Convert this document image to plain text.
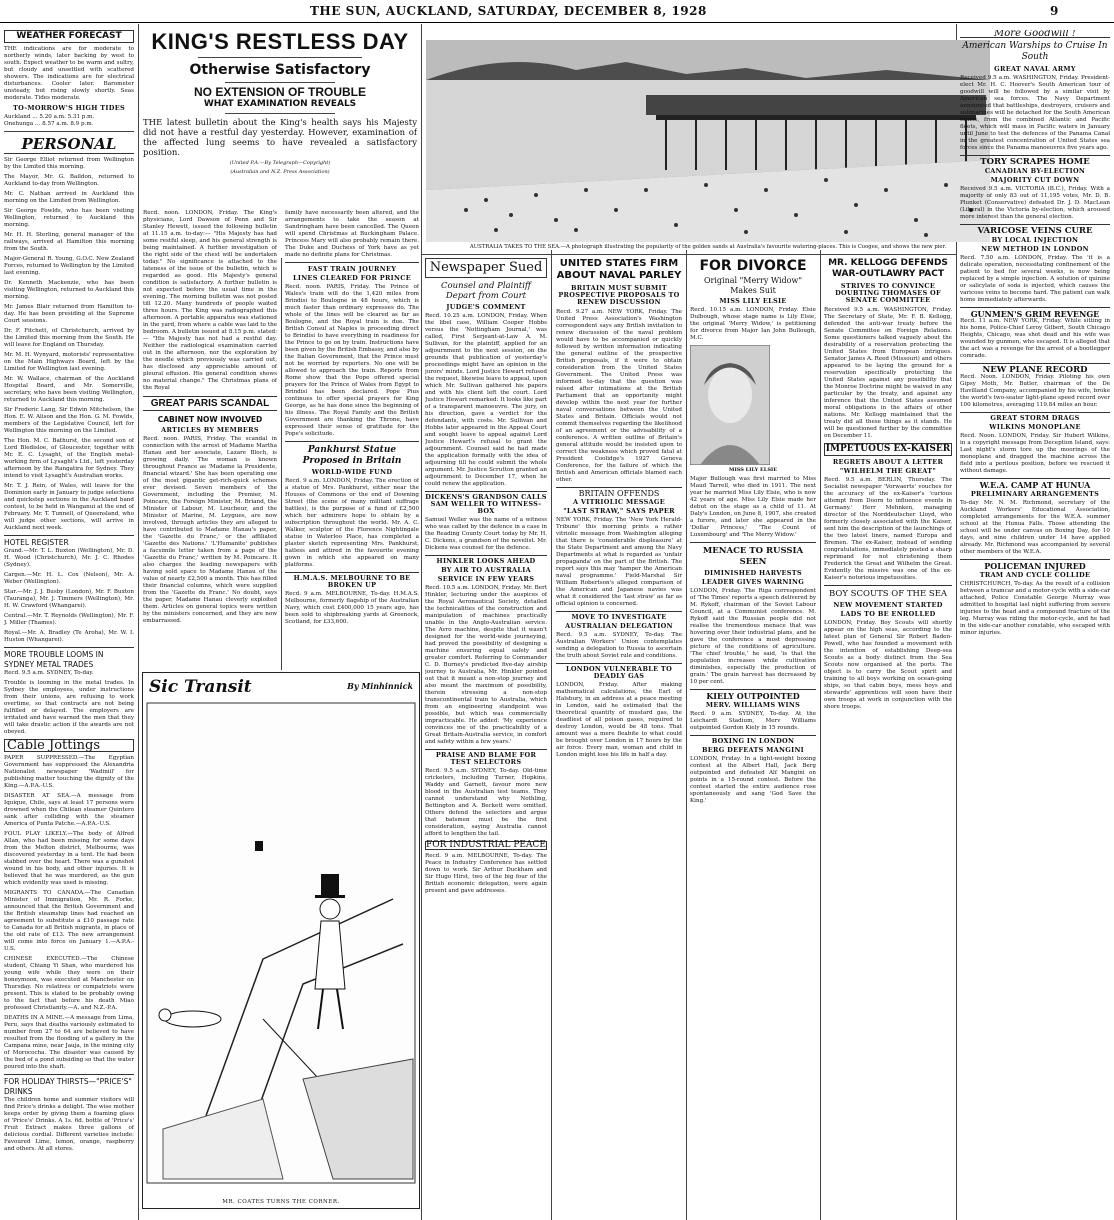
THE SUN, AUCKLAND, SATURDAY, DECEMBER 8, 1928	9
WEATHER FORECAST

THE indications are for moderate to northerly winds, later backing by west to south. Expect weather to be warm and sultry, but cloudy and unsettled with scattered showers. The indications are for electrical disturbances. Cooler later. Barometer unsteady, but rising slowly shortly. Seas moderate. Tides moderate.

TO-MORROW'S HIGH TIDES
Auckland ... 5.20 a.m. 5.31 p.m.
Onehunga ... 8.57 a.m. 8.9 p.m.
PERSONAL

Sir George Elliot returned from Wellington by the Limited this morning.

The Mayor, Mr. G. Baildon, returned to Auckland to-day from Wellington.

Mr. C. Nathan arrived in Auckland this morning on the Limited from Wellington.

Sir George Fowlds, who has been visiting Wellington, returned to Auckland this morning.

Mr. H. H. Sterling, general manager of the railways, arrived at Hamilton this morning from the South.

Major-General R. Young, G.O.C. New Zealand Forces, returned to Wellington by the Limited last evening.

Dr. Kenneth Mackenzie, who has been visiting Wellington, returned to Auckland this morning.

Mr. James Blair returned from Hamilton to-day. He has been presiding at the Supreme Court sessions.

Dr. F. Fitchett, of Christchurch, arrived by the Limited this morning from the South. He will leave for England on Thursday.

Mr. M. H. Wynyard, motorists' representative on the Main Highways Board, left by the Limited for Wellington last evening.

Mr. W. Wallace, chairman of the Auckland Hospital Board, and Mr. Somerville, secretary, who have been visiting Wellington, returned to Auckland this morning.

Sir Frederic Lang, Sir Edwin Mitchelson, the Hon. E. W. Alison and the Hon. G. M. Fowlds, members of the Legislative Council, left for Wellington this morning on the Limited.

The Hon. M. C. Bathurst, the second son of Lord Bledisloe, of Gloucester, together with Mr. E. C. Lysaght, of the English metal-working firm of Lysaght's Ltd., left yesterday afternoon by the Rangatira for Sydney. They intend to visit Lysaght's Australian works.

Mr. T. J. Rein, of Wales, will leave for the Dominion early in January to judge selections and quickstep sections in the Auckland band contest, to be held in Wanganui at the end of February. Mr. T. Tunnell, of Queensland, who will judge other sections, will arrive in Auckland next week.

HOTEL REGISTER

Grand.—Mr. T. L. Buxton (Wellington), Mr. D. H. Wood (Christchurch), Mr. J. C. Rhodes (Sydney).

Cargen.—Mr. H. L. Cox (Nelson), Mr. A. Weber (Wellington).

Star.—Mr. J. J. Busby (London), Mr. F. Buxton (Tauranga), Mr. J. Timmers (Wellington), Mr. H. W. Crawford (Whangarei).

Central.—Mr. T. Reynolds (Wellington), Mr. F. J. Miller (Thames).

Royal.—Mr. A. Bradley (Te Aroha), Mr. W. I. Huston (Whangarei).

MORE TROUBLE LOOMS IN SYDNEY METAL TRADES

Recd. 9.5 a.m. SYDNEY, To-day.

Trouble is looming in the metal trades. In Sydney the employees, under instructions from their unions, are refusing to work overtime, so that contracts are not being fulfilled or delayed. The employers are irritated and have warned the men that they will take drastic action if the awards are not obeyed.

Cable Jottings

PAPER SUPPRESSED.—The Egyptian Government has suppressed the Alexandria Nationalist newspaper 'Wadiniil' for publishing matter touching the dignity of the King.—A.P.A.-U.S.

DISASTER AT SEA.—A message from Iquique, Chile, says at least 17 persons were drowned when the Chilean steamer Quintero sank after colliding with the steamer America of Punta Patche.—A.P.A.-U.S.

FOUL PLAY LIKELY.—The body of Alfred Allan, who had been missing for some days from the Melton district, Melbourne, was discovered yesterday in a tent. He had been stabbed over the heart. There was a gunshot wound in his body, and other injuries. It is believed that he was murdered, as the gun which evidently was used is missing.

MIGRANTS TO CANADA.—The Canadian Minister of Immigration, Mr. R. Forke, announced that the British Government and the British steamship lines had reached an agreement to substitute a £10 passage rate to Canada for all British migrants, in place of the old rate of £13. The new arrangement will come into force on January 1.—A.P.A.-U.S.

CHINESE EXECUTED.—The Chinese student, Chiang Yi Shan, who murdered his young wife while they were on their honeymoon, was executed at Manchester on Thursday. No relatives or compatriots were present. This is stated to be probably owing to the fact that before his death Miao professed Christianity.—A. and N.Z.-P.A.

DEATHS IN A MINE.—A message from Lima, Peru, says that deaths variously estimated to number from 27 to 64 are believed to have resulted from the flooding of a gallery in the Campana mine, near Jauja, in the mining city of Morococha. The disaster was caused by the bed of a pond subsiding so that the water poured into the shaft.

FOR HOLIDAY THIRSTS—"PRICE'S" DRINKS

The children home and summer visitors will find Price's drinks a delight. The wise mother keeps order by giving them a foaming glass of 'Price's' Drinks. A 1s. 6d. bottle of 'Price's' Fruit Extract makes three gallons of delicious cordial. Different varieties include: Favoured Lime, lemon, orange, raspberry and others. At all stores.

KING'S RESTLESS DAY
Otherwise Satisfactory
NO EXTENSION OF TROUBLE
WHAT EXAMINATION REVEALS
THE latest bulletin about the King's health says his Majesty did not have a restful day yesterday. However, examination of the affected lung seems to have revealed a satisfactory position.
(United P.A.—By Telegraph—Copyright)
(Australian and N.Z. Press Association)

Recd. noon. LONDON, Friday. The King's physicians, Lord Dawson of Penn and Sir Stanley Hewett, issued the following bulletin at 11.15 a.m. to-day:— "His Majesty has had some restful sleep, and his general strength is being maintained. A further investigation of the right side of the chest will be undertaken today." No significance is attached to the lateness of the issue of the bulletin, which is regarded as good. His Majesty's general condition is satisfactory. A further bulletin is not expected before the usual time in the evening. The morning bulletin was not posted till 12.20. Many hundreds of people waited three hours. The King was radiographed this afternoon. A portable apparatus was stationed in the yard, from where a cable was laid to the bedroom. A bulletin issued at 8.15 p.m. stated:— "His Majesty has not had a restful day. Neither the radiological examination carried out in the afternoon, nor the exploration by the needle which previously was carried out, has disclosed any appreciable amount of pleural effusion. His general condition shows no material change." The Christmas plans of the Royal

GREAT PARIS SCANDAL
CABINET NOW INVOLVED
ARTICLES BY MEMBERS

Recd. noon. PARIS, Friday. The scandal in connection with the arrest of Madame Martha Hanau and her associate, Lazare Bloch, is growing daily. The woman is known throughout France as 'Madame la Presidente, financial wizard.' She has been operating one of the most gigantic get-rich-quick schemes ever devised. Seven members of the Government, including the Premier, M. Poincare, the Foreign Minister, M. Briand, the Minister of Labour, M. Loucheur, and the Minister of Marine, M. Leygues, are now involved, through articles they are alleged to have contributed to Madame Hanau's paper, the 'Gazette du Franc,' or the affiliated 'Gazette des Nations.' 'L'Humanite' publishes a facsimile letter taken from a page of the 'Gazette du Franc,' written by M. Poincare. It also charges the leading newspapers with having sold space to Madame Hanau of the value of nearly £2,500 a month. This has filled their financial columns, which were supplied from the 'Gazette du Franc.' No doubt, says the paper, Madame Hanau cleverly exploited them. Articles on general topics were written by the ministers concerned, and they are now embarrassed.

family have necessarily been altered, and the arrangements to take the season at Sandringham have been cancelled. The Queen will spend Christmas at Buckingham Palace. Princess Mary will also probably remain there. The Duke and Duchess of York have as yet made no definite plans for Christmas.

FAST TRAIN JOURNEY
LINES CLEARED FOR PRINCE

Recd. noon. PARIS, Friday. The Prince of Wales's train will do the 1,420 miles from Brindisi to Boulogne in 48 hours, which is much faster than ordinary expresses do. The whole of the lines will be cleared as far as Boulogne, and the Royal train is due. The British Consul at Naples is proceeding direct to Brindisi to have everything in readiness for the Prince to go on by train. Instructions have been given by the British Embassy, and also by the Italian Government, that the Prince must not be worried by reporters. No one will be allowed to approach the train. Reports from Rome show that the Pope offered special prayers for the Prince of Wales from Egypt to Brindisi has been declared. Pope Pius continues to offer special prayers for King George, as he has done since the beginning of his illness. The Royal Family and the British Government are thanking the Throne, have expressed their sense of gratitude for the Pope's solicitude.

Pankhurst Statue Proposed in Britain
WORLD-WIDE FUND

Recd. 9 a.m. LONDON, Friday. The erection of a statue of Mrs. Pankhurst, either near the Houses of Commons or the end of Downing Street (the scene of many militant suffrage battles), is the purpose of a fund of £2,500 which her admirers hope to obtain by a subscription throughout the world. Mr. A. C. Walker, sculptor of the Florence Nightingale statue in Waterloo Place, has completed a plaster sketch representing Mrs. Pankhurst, hatless and attired in the favourite evening gown in which she appeared on many platforms.

H.M.A.S. MELBOURNE TO BE BROKEN UP

Recd. 9 a.m. MELBOURNE, To-day. H.M.A.S. Melbourne, formerly flagship of the Australian Navy, which cost £400,000 15 years ago, has been sold to shipbreaking yards at Greenock, Scotland, for £33,600.

Sic Transit	By Minhinnick
MR. COATES TURNS THE CORNER.
AUSTRALIA TAKES TO THE SEA.—A photograph illustrating the popularity of the golden sands at Australia's favourite watering-places. This is Coogee, and shows the new pier.
Newspaper Sued
Counsel and Plaintiff Depart from Court
JUDGE'S COMMENT

Recd. 10.25 a.m. LONDON, Friday. When the libel case, William Cooper Hobbs versus the 'Nottingham Journal,' was called, First Serjeant-at-Law A. M. Sullivan, for the plaintiff, applied for an adjournment to the next session, on the grounds that publication of yesterday's proceedings might have an opinion in the jurors' minds. Lord Justice Hewart refused the request, likewise leave to appeal, upon which Mr. Sullivan gathered his papers and with his client left the court. Lord Justice Hewart remarked: It looks like part of a transparent manoeuvre. The jury, on his direction, gave a verdict for the defendants, with costs. Mr. Sullivan and Hobbs later appeared in the Appeal Court and sought leave to appeal against Lord Justice Hewart's refusal to grant the adjournment. Counsel said he had made the application formally with the idea of adjourning till he could submit the whole argument. Mr. Justice Scrutton granted an adjournment to December 17, when he could renew the application.

DICKENS'S GRANDSON CALLS SAM WELLER TO WITNESS-BOX

Samuel Weller was the name of a witness who was called by the defence in a case in the Reading County Court today by Mr. H. C. Dickens, a grandson of the novelist. Mr. Dickens was counsel for the defence.

HINKLER LOOKS AHEAD
BY AIR TO AUSTRALIA
SERVICE IN FEW YEARS

Recd. 10.5 a.m. LONDON, Friday. Mr. Bert Hinkler, lecturing under the auspices of the Royal Aeronautical Society, detailed the technicalities of the construction and manipulation of machines practically unable in the Anglo-Australian service. The Avro machine, despite that it wasn't designed for the world-wide journeying, had proved the possibility of designing a machine ensuring equal safety and greater comfort. Referring to Commander C. D. Burney's predicted five-day airship journey to Australia, Mr. Hinkler pointed out that it meant a non-stop journey and also meant the maximum of possibility, therein stressing a non-stop transcontinental train to Australia, which from an engineering standpoint was possible, but which was commercially impracticable. He added: 'My experience convinces me of the practicability of a Great Britain-Australia service, in comfort and safety within a few years.'

PRAISE AND BLAME FOR TEST SELECTORS

Recd. 9.5 a.m. SYDNEY, To-day. Old-time cricketers, including Turner, Hopkins, Waddy and Garnett, favour more new blood in the Australian test teams. They cannot understand why Nothling, Bettington and A. Beckett were omitted. Others defend the selectors and argue that batsmen must be the first consideration, saying Australia cannot afford to lengthen the tail.

FOR INDUSTRIAL PEACE

Recd. 9 a.m. MELBOURNE, To-day. The Peace in Industry Conference has settled down to work. Sir Arthur Duckham and Sir Hugo Hirst, two of the big four of the British economic delegation, were again present and gave addresses.

UNITED STATES FIRM ABOUT NAVAL PARLEY
BRITAIN MUST SUBMIT PROSPECTIVE PROPOSALS TO RENEW DISCUSSION

Recd. 9.27 a.m. NEW YORK, Friday. The United Press Association's Washington correspondent says any British invitation to renew discussion of the naval problem would have to be accompanied or quickly followed by written information indicating the general outline of the prospective British proposals, if it were to obtain consideration from the United States Government. The United Press was informed to-day that the question was raised after intimations at the British Parliament that an opportunity might develop within the next year for further naval conversations between the United States and Britain. Officials would not commit themselves regarding the likelihood of an agreement or the advisability of a conference. A written outline of Britain's general attitude would be insisted upon to correct the weakness which proved fatal at President Coolidge's 1927 Geneva Conference, for the failure of which the British and American officials blamed each other.

BRITAIN OFFENDS
A VITRIOLIC MESSAGE
"LAST STRAW," SAYS PAPER

NEW YORK, Friday. The 'New York Herald-Tribune' this morning prints a rather vitriolic message from Washington alleging that there is 'considerable displeasure' at the State Department and among the Navy Departments at what is regarded as 'unfair propaganda' on the part of the British. The report says this may 'hamper the American naval programme.' Field-Marshal Sir William Robertson's alleged comparison of the American and Japanese navies was what it considered the 'last straw' as far as official opinion is concerned.

MOVE TO INVESTIGATE
AUSTRALIAN DELEGATION

Recd. 9.5 a.m. SYDNEY, To-day. The Australian Workers' Union contemplates sending a delegation to Russia to ascertain the truth about Soviet rule and conditions.

LONDON VULNERABLE TO DEADLY GAS

LONDON, Friday. After making mathematical calculations, the Earl of Halsbury, in an address at a peace meeting in London, said he estimated that the theoretical quantity of mustard gas, the deadliest of all poison gases, required to destroy London, would be 48 tons. That amount was a mere fleabite to what could be brought over London in 17 hours by the air force. Every man, woman and child in London might lose his life in half a day.

FOR DIVORCE
Original "Merry Widow" Makes Suit
MISS LILY ELSIE

Recd. 10.15 a.m. LONDON, Friday. Elsie Dulbough, whose stage name is Lily Elsie, the original 'Merry Widow,' is petitioning for divorce from Major Ian John Bullough, M.C.

MISS LILY ELSIE

Major Bullough was first married to Miss Maud Tarrell, who died in 1911. The next year he married Miss Lily Elsie, who is now 42 years of age. Miss Lily Elsie made her debut on the stage as a child of 11. At Daly's London, on June 8, 1907, she created a furore, and later she appeared in the 'Dollar Princess,' 'The Count of Luxembourg' and 'The Merry Widow.'

MENACE TO RUSSIA SEEN
DIMINISHED HARVESTS
LEADER GIVES WARNING

LONDON, Friday. The Riga correspondent of 'The Times' reports a speech delivered by M. Rykoff, chairman of the Soviet Labour Council, at a Communist conference. M. Rykoff said the Russian people did not realise the tremendous menace that was hovering over their industrial plans, and he gave the conference a most depressing picture of the conditions of agriculture. 'The chief trouble,' he said, 'is that the population increases while cultivation diminishes, especially the production of grain.' The grain harvest has decreased by 10 per cent.

KIELY OUTPOINTED
MERV. WILLIAMS WINS

Recd. 9 a.m. SYDNEY, To-day. At the Leichardt Stadium, Merv Williams outpointed Gordon Kiely in 15 rounds.

BOXING IN LONDON
BERG DEFEATS MANGINI

LONDON, Friday. In a light-weight boxing contest at the Albert Hall, Jack Berg outpointed and defeated Alf Mangini on points in a 15-round contest. Before the contest started the entire audience rose spontaneously and sang 'God Save the King.'

MR. KELLOGG DEFENDS WAR-OUTLAWRY PACT
STRIVES TO CONVINCE DOUBTING THOMASES OF SENATE COMMITTEE

Received 9.5 a.m. WASHINGTON, Friday. The Secretary of State, Mr. F. B. Kellogg, defended the anti-war treaty before the Senate Committee on Foreign Relations. Some questioners talked vaguely about the desirability of a reservation protecting the United States from European intrigues. Senator James A. Reed (Missouri) and others appeared to be laying the ground for a reservation specifically protecting the United States against any possibility that the Monroe Doctrine might be waived in any particular by the treaty, and against any inference that the United States assumed moral obligations in the affairs of other nations. Mr. Kellogg maintained that the treaty did all these things as it stands. He will be questioned further by the committee on December 11.

IMPETUOUS EX-KAISER
REGRETS ABOUT A LETTER
"WILHELM THE GREAT"

Recd. 9.5 a.m. BERLIN, Thursday. The Socialist newspaper 'Vorwaerts' vouches for the accuracy of the ex-Kaiser's 'curious attempt from Doorn to influence events in Germany.' Herr Mehnken, managing director of the Norddeutscher Lloyd, who formerly closely associated with the Kaiser, sent him the description of the launchings of the two latest liners, named Europa and Bremen. The ex-Kaiser, instead of sending congratulations, immediately posted a sharp reprimand for not christening them Frederick the Great and Wilhelm the Great. Evidently the missive was one of the ex-Kaiser's notorious impetuosities.

BOY SCOUTS OF THE SEA
NEW MOVEMENT STARTED
LADS TO BE ENROLLED

LONDON, Friday. Boy Scouts will shortly appear on the high seas, according to the latest plan of General Sir Robert Baden-Powell, who has founded a movement with the intention of establishing Deep-sea Scouts as a body distinct from the Sea Scouts now organised at the ports. The object is to carry the Scout spirit and training to all boys working on ocean-going ships, so that cabin boys, mess boys and stewards' apprentices will soon have their own troops at work in conjunction with the shore troops.

More Goodwill !
American Warships to Cruise In South
GREAT NAVAL ARMY

Received 9.5 a.m. WASHINGTON, Friday. President-elect Mr. H. C. Hoover's South American tour of goodwill will be followed by a similar visit by American sea forces. The Navy Department announced that battleships, destroyers, cruisers and submarines will be detached for the South American cruise, from the combined Atlantic and Pacific fleets, which will mass in Pacific waters in January until June to test the defences of the Panama Canal in the greatest concentration of United States sea forces since the Panama manoeuvres five years ago.

TORY SCRAPES HOME
CANADIAN BY-ELECTION
MAJORITY CUT DOWN

Received 9.5 a.m. VICTORIA (B.C.), Friday. With a majority of only 83 out of 11,195 votes, Mr. D. B. Plunket (Conservative) defeated Dr. J. D. MacLean (Liberal) in the Victoria by-election, which aroused more interest than the general election.

VARICOSE VEINS CURE
BY LOCAL INJECTION
NEW METHOD IN LONDON

Recd. 7.50 a.m. LONDON, Friday. The 'it is a delicate operation, necessitating confinement of the patient to bed for several weeks, is now being replaced by a simple injection. A solution of quinine or salicylate of soda is injected, which causes the varicose veins to become hard. The patient can walk home immediately afterwards.

GUNMEN'S GRIM REVENGE

Recd. 11 a.m. NEW YORK, Friday. While sitting in his home, Police-Chief Leroy Gilbert, South Chicago Heights, Chicago, was shot dead and his wife was wounded by gunmen, who escaped. It is alleged that the act was a revenge for the arrest of a bootlegger comrade.

NEW PLANE RECORD

Recd. Noon. LONDON, Friday. Piloting his own Gipsy Moth, Mr. Butler, chairman of the De Havilland Company, accompanied by his wife, broke the world's two-seater light-plane speed record over 100 kilometres, averaging 119.84 miles an hour.

GREAT STORM DRAGS
WILKINS MONOPLANE

Recd. Noon. LONDON, Friday. Sir Hubert Wilkins, in a copyright message from Deception Island, says: Last night's storm tore up the moorings of the monoplane and dragged the machine across the field into a perilous position, before we rescued it without damage.

W.E.A. CAMP AT HUNUA
PRELIMINARY ARRANGEMENTS

To-day Mr. N. M. Richmond, secretary of the Auckland Workers' Educational Association, completed arrangements for the W.E.A. summer school at the Hunua Falls. Those attending the school will be under canvas on Boxing Day, for 10 days, and nine children under 14 have applied already. Mr. Richmond was accompanied by several other members of the W.E.A.

POLICEMAN INJURED
TRAM AND CYCLE COLLIDE

CHRISTCHURCH, To-day. As the result of a collision between a tramcar and a motor-cycle with a side-car attached, Police Constable George Murray was admitted to hospital last night suffering from severe injuries to the head and a compound fracture of the leg. Murray was riding the motor-cycle, and he had in the side-car another constable, who escaped with minor injuries.
